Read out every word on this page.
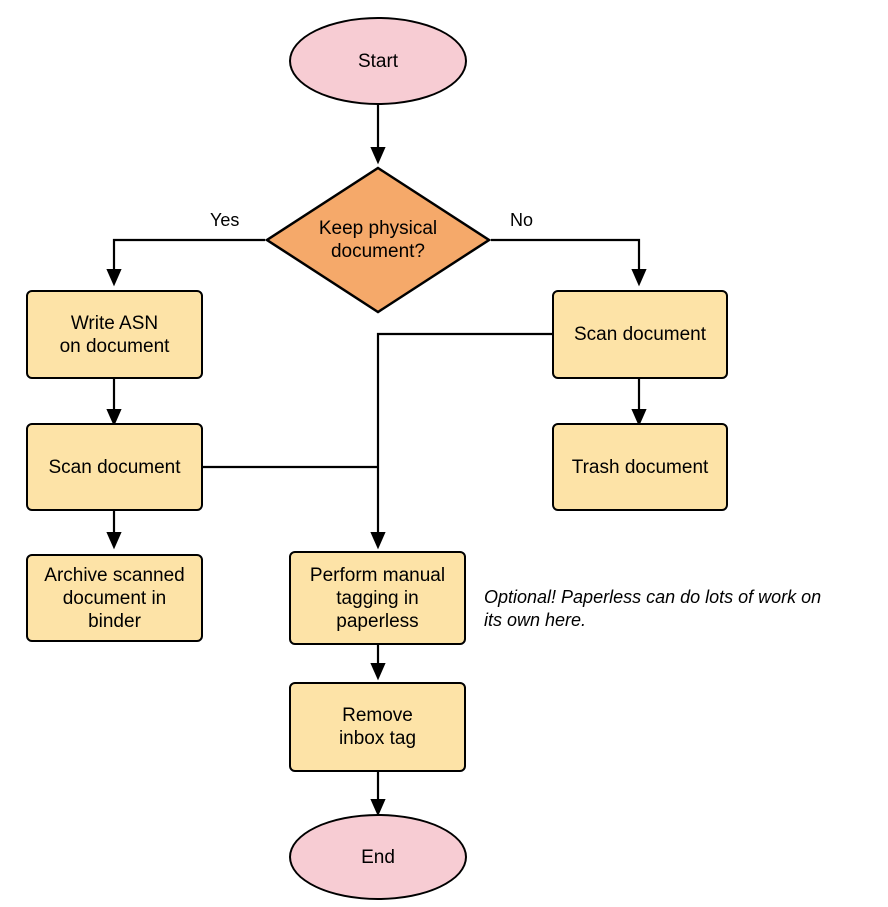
Start
Keep physical
document?
Yes	No
Write ASN
on document
Scan document
Archive scanned
document in
binder
Scan document
Trash document
Perform manual
tagging in
paperless
Remove
inbox tag
End
Optional! Paperless can do lots of work on
its own here.
